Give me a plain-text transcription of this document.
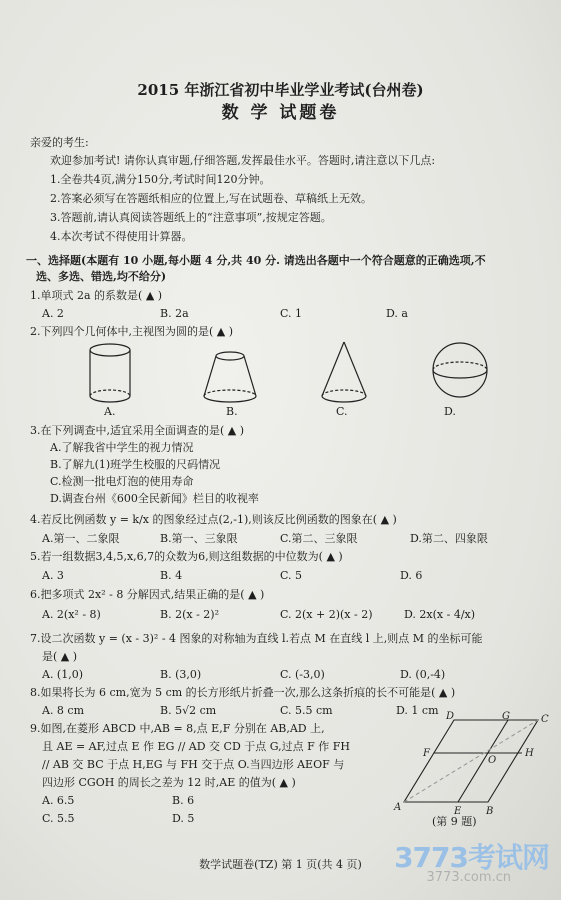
2015 年浙江省初中毕业学业考试(台州卷)
数 学 试题卷
亲爱的考生:
欢迎参加考试! 请你认真审题,仔细答题,发挥最佳水平。答题时,请注意以下几点:
1.全卷共4页,满分150分,考试时间120分钟。
2.答案必须写在答题纸相应的位置上,写在试题卷、草稿纸上无效。
3.答题前,请认真阅读答题纸上的“注意事项”,按规定答题。
4.本次考试不得使用计算器。
一、选择题(本题有 10 小题,每小题 4 分,共 40 分. 请选出各题中一个符合题意的正确选项,不
选、多选、错选,均不给分)
1.单项式 2a 的系数是( ▲ )
A. 2	B. 2a	C. 1	D. a
2.下列四个几何体中,主视图为圆的是( ▲ )
A.	B.	C.	D.
3.在下列调查中,适宜采用全面调查的是( ▲ )
A.了解我省中学生的视力情况
B.了解九(1)班学生校服的尺码情况
C.检测一批电灯泡的使用寿命
D.调查台州《600全民新闻》栏目的收视率
4.若反比例函数 y = k/x 的图象经过点(2,-1),则该反比例函数的图象在( ▲ )
A.第一、二象限	B.第一、三象限	C.第二、三象限	D.第二、四象限
5.若一组数据3,4,5,x,6,7的众数为6,则这组数据的中位数为( ▲ )
A. 3	B. 4	C. 5	D. 6
6.把多项式 2x² - 8 分解因式,结果正确的是( ▲ )
A. 2(x² - 8)	B. 2(x - 2)²	C. 2(x + 2)(x - 2)	D. 2x(x - 4/x)
7.设二次函数 y = (x - 3)² - 4 图象的对称轴为直线 l.若点 M 在直线 l 上,则点 M 的坐标可能
是( ▲ )
A. (1,0)	B. (3,0)	C. (-3,0)	D. (0,-4)
8.如果将长为 6 cm,宽为 5 cm 的长方形纸片折叠一次,那么这条折痕的长不可能是( ▲ )
A. 8 cm	B. 5√2 cm	C. 5.5 cm	D. 1 cm
9.如图,在菱形 ABCD 中,AB = 8,点 E,F 分别在 AB,AD 上,
且 AE = AF,过点 E 作 EG // AD 交 CD 于点 G,过点 F 作 FH
// AB 交 BC 于点 H,EG 与 FH 交于点 O.当四边形 AEOF 与
四边形 CGOH 的周长之差为 12 时,AE 的值为( ▲ )
A. 6.5	B. 6
C. 5.5	D. 5
D	G	C
F
O
H
A	E B
(第 9 题)
数学试题卷(TZ) 第 1 页(共 4 页)	3773考试网
3773.com.cn
